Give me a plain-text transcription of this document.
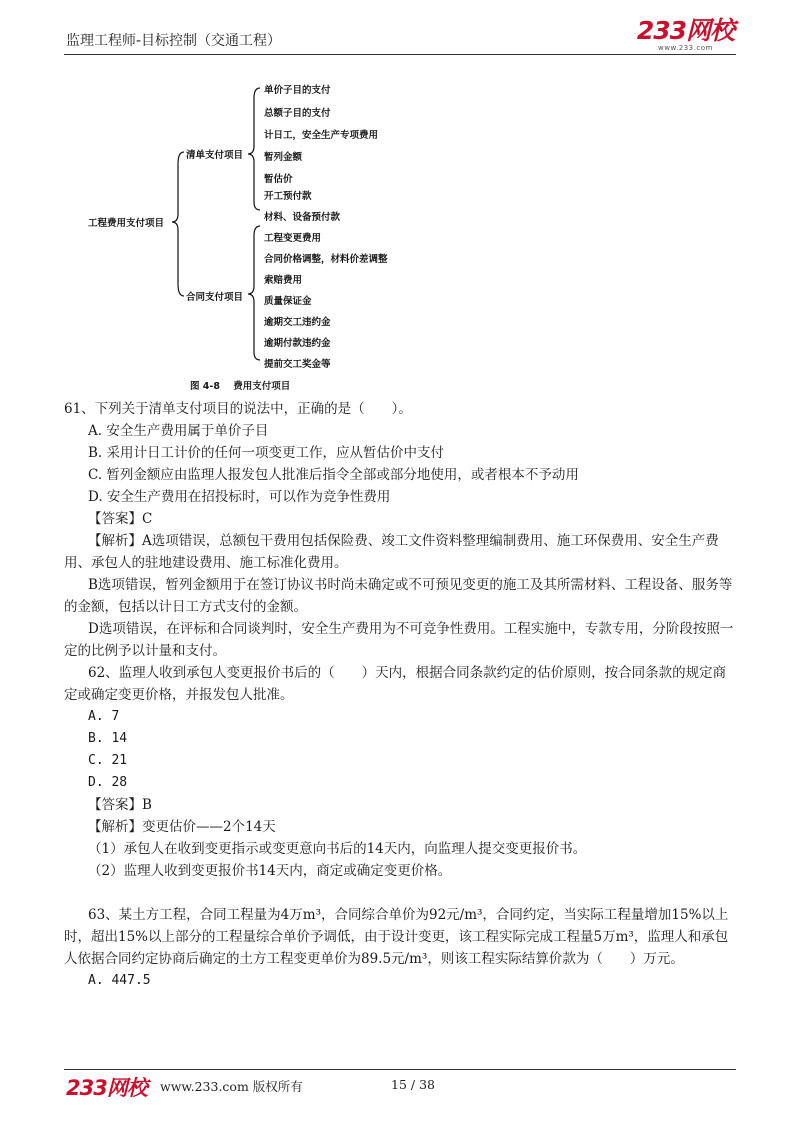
监理工程师-目标控制（交通工程）	233网校
www.233.com
工程费用支付项目
清单支付项目
合同支付项目
单价子目的支付
总额子目的支付
计日工，安全生产专项费用
暂列金额
暂估价
开工预付款
材料、设备预付款
工程变更费用
合同价格调整，材料价差调整
索赔费用
质量保证金
逾期交工违约金
逾期付款违约金
提前交工奖金等
图 4-8 费用支付项目

61、下列关于清单支付项目的说法中，正确的是（　　）。

A. 安全生产费用属于单价子目

B. 采用计日工计价的任何一项变更工作，应从暂估价中支付

C. 暂列金额应由监理人报发包人批准后指令全部或部分地使用，或者根本不予动用

D. 安全生产费用在招投标时，可以作为竞争性费用

【答案】C

【解析】A选项错误，总额包干费用包括保险费、竣工文件资料整理编制费用、施工环保费用、安全生产费用、承包人的驻地建设费用、施工标准化费用。

B选项错误，暂列金额用于在签订协议书时尚未确定或不可预见变更的施工及其所需材料、工程设备、服务等的金额，包括以计日工方式支付的金额。

D选项错误，在评标和合同谈判时，安全生产费用为不可竞争性费用。工程实施中，专款专用，分阶段按照一定的比例予以计量和支付。

62、监理人收到承包人变更报价书后的（　　）天内，根据合同条款约定的估价原则，按合同条款的规定商定或确定变更价格，并报发包人批准。

A. 7

B. 14

C. 21

D. 28

【答案】B

【解析】变更估价——2个14天

（1）承包人在收到变更指示或变更意向书后的14天内，向监理人提交变更报价书。

（2）监理人收到变更报价书14天内，商定或确定变更价格。

63、某土方工程，合同工程量为4万m³，合同综合单价为92元/m³，合同约定，当实际工程量增加15%以上时，超出15%以上部分的工程量综合单价予调低，由于设计变更，该工程实际完成工程量5万m³，监理人和承包人依据合同约定协商后确定的土方工程变更单价为89.5元/m³，则该工程实际结算价款为（　　）万元。

A. 447.5

233网校 www.233.com 版权所有	15 / 38
